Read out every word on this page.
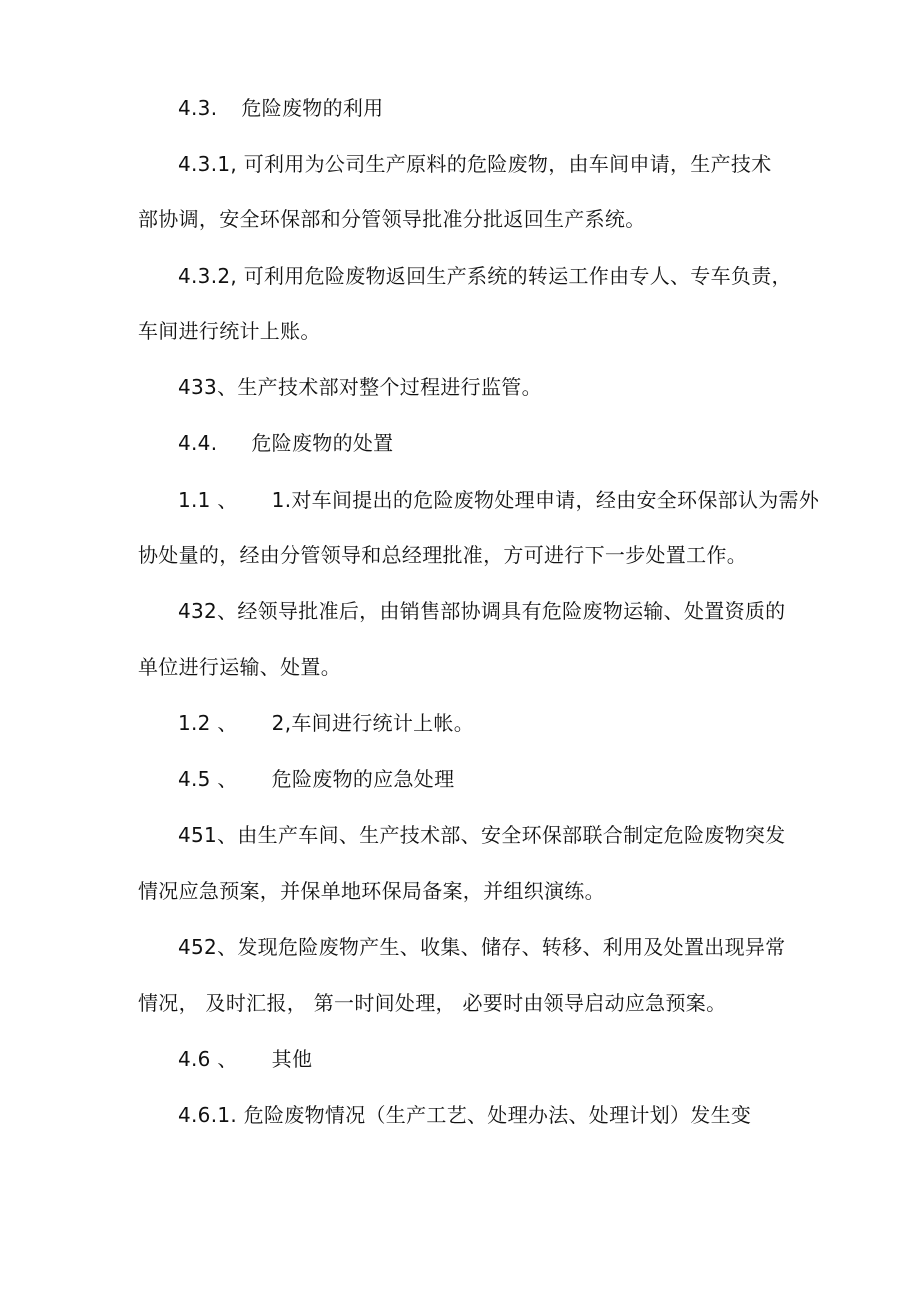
4.3. 危险废物的利用
4.3.1, 可利用为公司生产原料的危险废物，由车间申请，生产技术
部协调，安全环保部和分管领导批准分批返回生产系统。
4.3.2, 可利用危险废物返回生产系统的转运工作由专人、专车负责，
车间进行统计上账。
433、生产技术部对整个过程进行监管。
4.4. 危险废物的处置
1.1 、 1.对车间提出的危险废物处理申请，经由安全环保部认为需外
协处量的，经由分管领导和总经理批准，方可进行下一步处置工作。
432、经领导批准后，由销售部协调具有危险废物运输、处置资质的
单位进行运输、处置。
1.2 、 2,车间进行统计上帐。
4.5 、 危险废物的应急处理
451、由生产车间、生产技术部、安全环保部联合制定危险废物突发
情况应急预案，并保单地环保局备案，并组织演练。
452、发现危险废物产生、收集、储存、转移、利用及处置出现异常
情况， 及时汇报， 第一时间处理， 必要时由领导启动应急预案。
4.6 、 其他
4.6.1. 危险废物情况（生产工艺、处理办法、处理计划）发生变
